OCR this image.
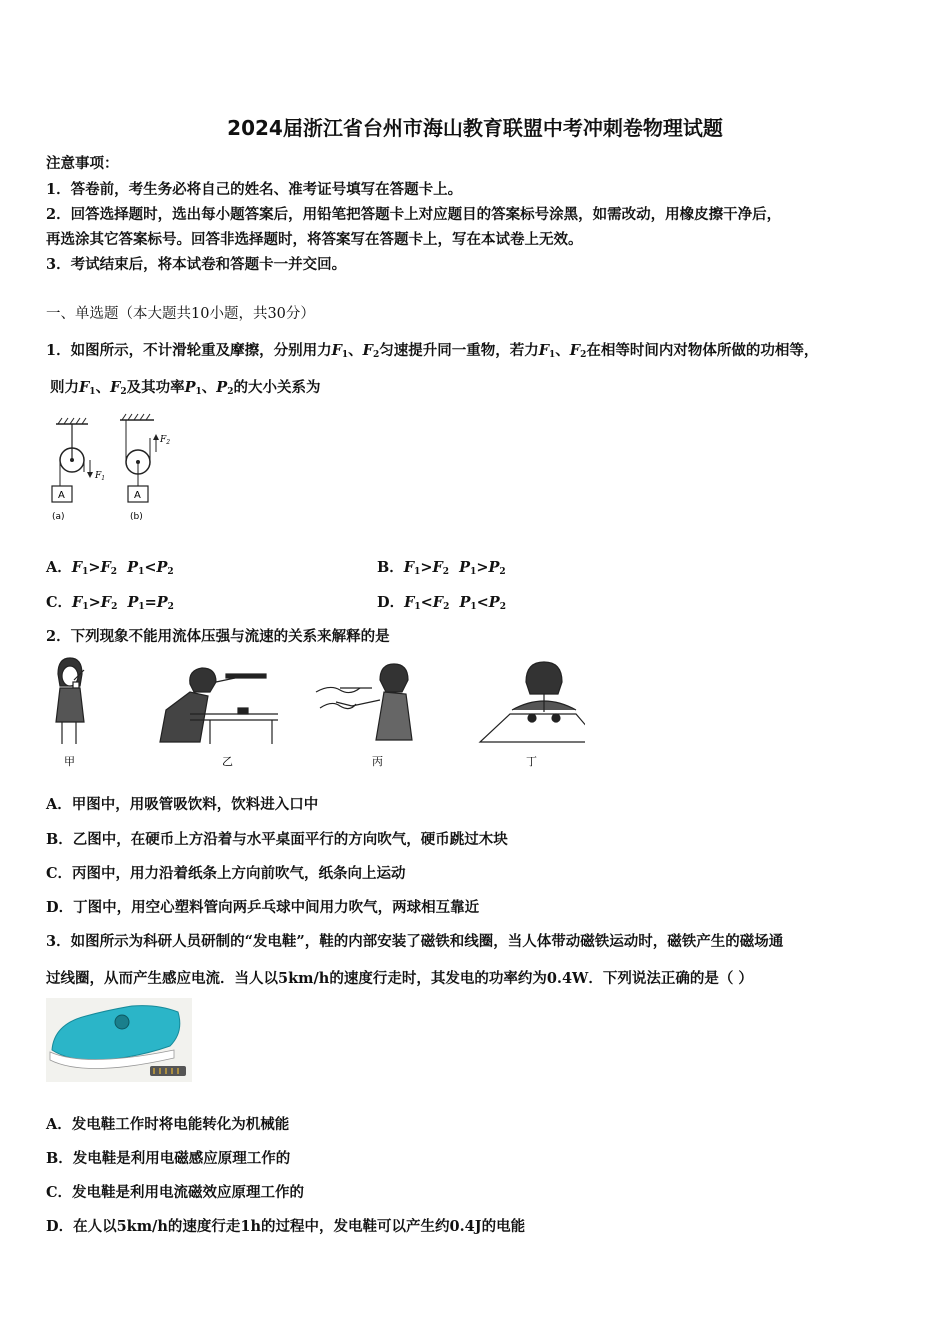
2024届浙江省台州市海山教育联盟中考冲刺卷物理试题
注意事项：
1．答卷前，考生务必将自己的姓名、准考证号填写在答题卡上。
2．回答选择题时，选出每小题答案后，用铅笔把答题卡上对应题目的答案标号涂黑，如需改动，用橡皮擦干净后，
再选涂其它答案标号。回答非选择题时，将答案写在答题卡上，写在本试卷上无效。
3．考试结束后，将本试卷和答题卡一并交回。
一、单选题（本大题共10小题，共30分）
1．如图所示，不计滑轮重及摩擦，分别用力$F_1$、$F_2$匀速提升同一重物，若力$F_1$、$F_2$在相等时间内对物体所做的功相等，
则力$F_1$、$F_2$及其功率$P_1$、$P_2$的大小关系为
$F_1$
A
(a)
$F_2$
A
(b)
A．$F_1>F_2$ $P_1<P_2$	B．$F_1>F_2$ $P_1>P_2$
C．$F_1>F_2$ $P_1=P_2$	D．$F_1<F_2$ $P_1<P_2$
2．下列现象不能用流体压强与流速的关系来解释的是
甲	乙	丙	丁
A．甲图中，用吸管吸饮料，饮料进入口中
B．乙图中，在硬币上方沿着与水平桌面平行的方向吹气，硬币跳过木块
C．丙图中，用力沿着纸条上方向前吹气，纸条向上运动
D．丁图中，用空心塑料管向两乒乓球中间用力吹气，两球相互靠近
3．如图所示为科研人员研制的“发电鞋”，鞋的内部安装了磁铁和线圈，当人体带动磁铁运动时，磁铁产生的磁场通
过线圈，从而产生感应电流．当人以5km/h的速度行走时，其发电的功率约为0.4W．下列说法正确的是（ ）
A．发电鞋工作时将电能转化为机械能
B．发电鞋是利用电磁感应原理工作的
C．发电鞋是利用电流磁效应原理工作的
D．在人以5km/h的速度行走1h的过程中，发电鞋可以产生约0.4J的电能
